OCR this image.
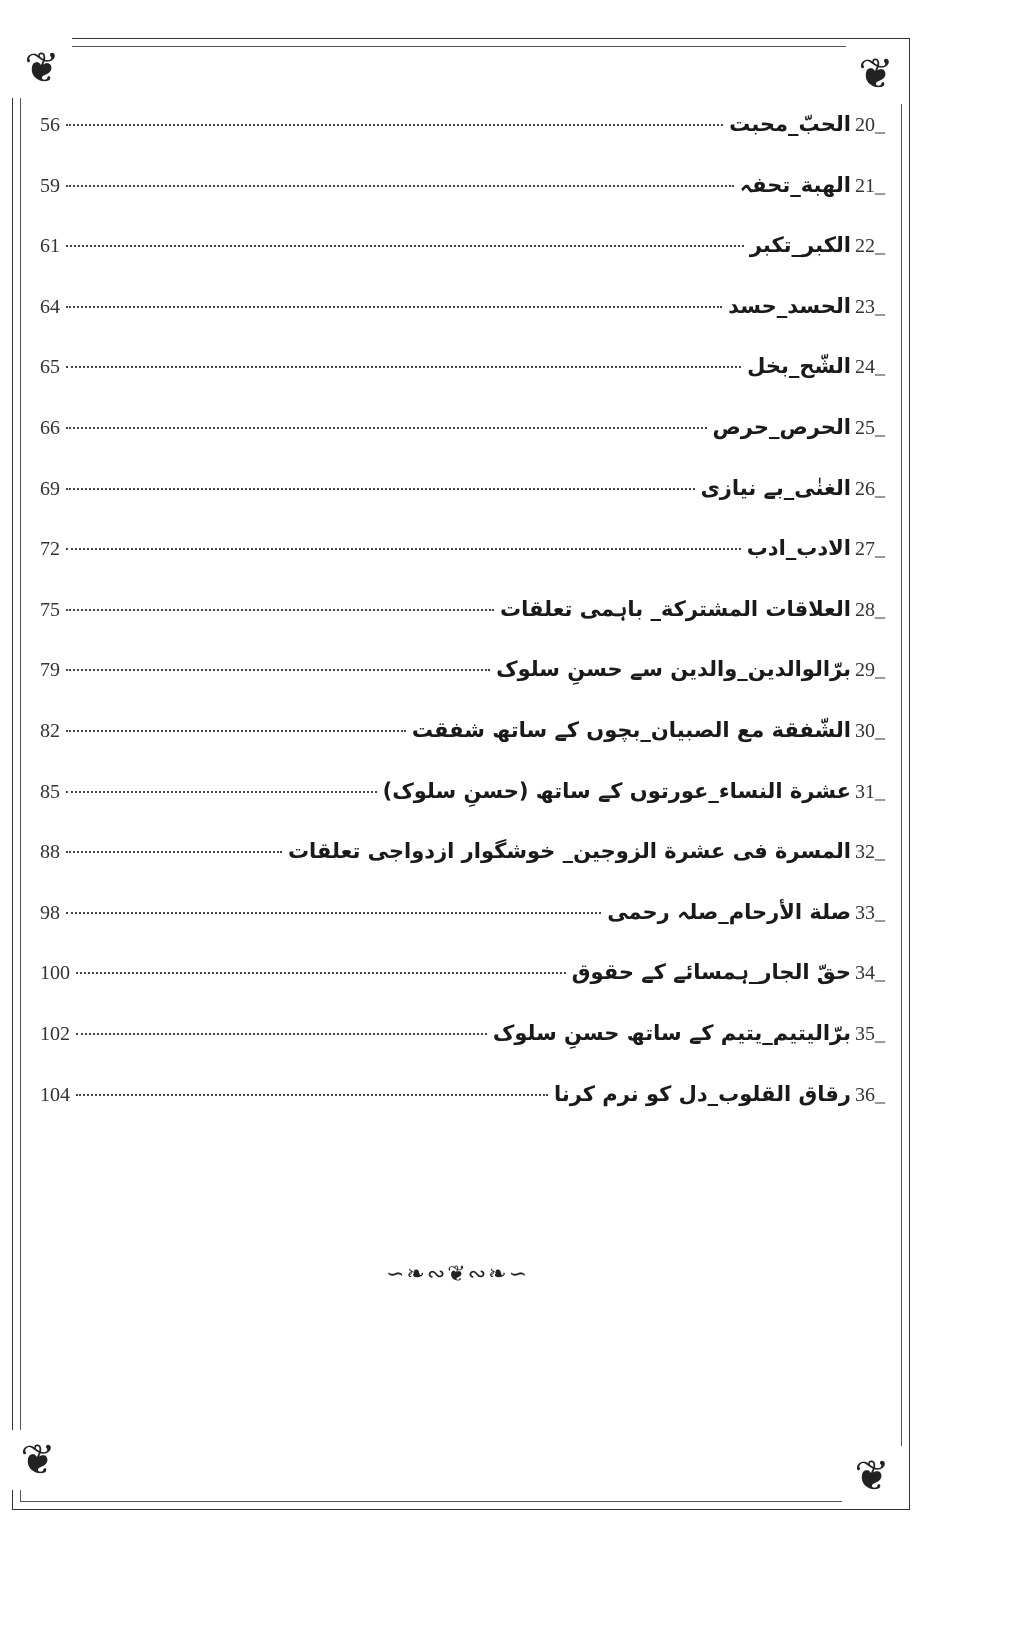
❦	❦
❦	❦
20_
الحبّ_محبت
56
21_
الهبة_تحفہ
59
22_
الکبر_تکبر
61
23_
الحسد_حسد
64
24_
الشّح_بخل
65
25_
الحرص_حرص
66
26_
الغنٰی_بے نیازی
69
27_
الادب_ادب
72
28_
العلاقات المشترکة_ باہمی تعلقات
75
29_
برّالوالدین_والدین سے حسنِ سلوک
79
30_
الشّفقة مع الصبیان_بچوں کے ساتھ شفقت
82
31_
عشرة النساء_عورتوں کے ساتھ (حسنِ سلوک)
85
32_
المسرة فی عشرة الزوجین_ خوشگوار ازدواجی تعلقات
88
33_
صلة الأرحام_صلہ رحمی
98
34_
حقّ الجار_ہمسائے کے حقوق
100
35_
برّالیتیم_یتیم کے ساتھ حسنِ سلوک
102
36_
رقاق القلوب_دل کو نرم کرنا
104
∽❧∾❦∾❧∽
